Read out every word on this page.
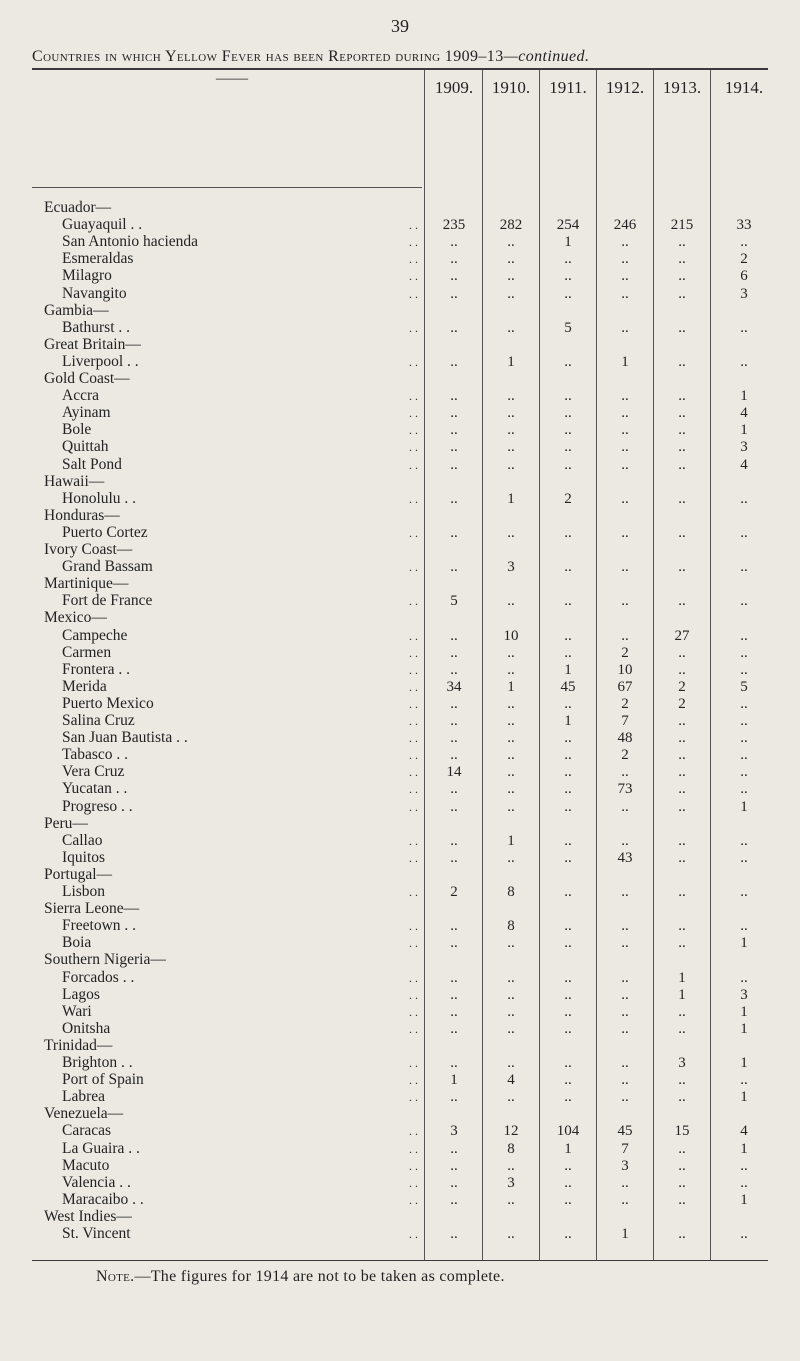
39
Countries in which Yellow Fever has been Reported during 1909–13—continued.
——	1909.	1910.	1911.	1912.	1913.	1914.
Ecuador—
Guayaquil . .	. .	235	282	254	246	215	33
San Antonio hacienda	. .	..	..	1	..	..	..
Esmeraldas	. .	..	..	..	..	..	2
Milagro	. .	..	..	..	..	..	6
Navangito	. .	..	..	..	..	..	3
Gambia—
Bathurst . .	. .	..	..	5	..	..	..
Great Britain—
Liverpool . .	. .	..	1	..	1	..	..
Gold Coast—
Accra	. .	..	..	..	..	..	1
Ayinam	. .	..	..	..	..	..	4
Bole	. .	..	..	..	..	..	1
Quittah	. .	..	..	..	..	..	3
Salt Pond	. .	..	..	..	..	..	4
Hawaii—
Honolulu . .	. .	..	1	2	..	..	..
Honduras—
Puerto Cortez	. .	..	..	..	..	..	..
Ivory Coast—
Grand Bassam	. .	..	3	..	..	..	..
Martinique—
Fort de France	. .	5	..	..	..	..	..
Mexico—
Campeche	. .	..	10	..	..	27	..
Carmen	. .	..	..	..	2	..	..
Frontera . .	. .	..	..	1	10	..	..
Merida	. .	34	1	45	67	2	5
Puerto Mexico	. .	..	..	..	2	2	..
Salina Cruz	. .	..	..	1	7	..	..
San Juan Bautista . .	. .	..	..	..	48	..	..
Tabasco . .	. .	..	..	..	2	..	..
Vera Cruz	. .	14	..	..	..	..	..
Yucatan . .	. .	..	..	..	73	..	..
Progreso . .	. .	..	..	..	..	..	1
Peru—
Callao	. .	..	1	..	..	..	..
Iquitos	. .	..	..	..	43	..	..
Portugal—
Lisbon	. .	2	8	..	..	..	..
Sierra Leone—
Freetown . .	. .	..	8	..	..	..	..
Boia	. .	..	..	..	..	..	1
Southern Nigeria—
Forcados . .	. .	..	..	..	..	1	..
Lagos	. .	..	..	..	..	1	3
Wari	. .	..	..	..	..	..	1
Onitsha	. .	..	..	..	..	..	1
Trinidad—
Brighton . .	. .	..	..	..	..	3	1
Port of Spain	. .	1	4	..	..	..	..
Labrea	. .	..	..	..	..	..	1
Venezuela—
Caracas	. .	3	12	104	45	15	4
La Guaira . .	. .	..	8	1	7	..	1
Macuto	. .	..	..	..	3	..	..
Valencia . .	. .	..	3	..	..	..	..
Maracaibo . .	. .	..	..	..	..	..	1
West Indies—
St. Vincent	. .	..	..	..	1	..	..
Note.—The figures for 1914 are not to be taken as complete.
